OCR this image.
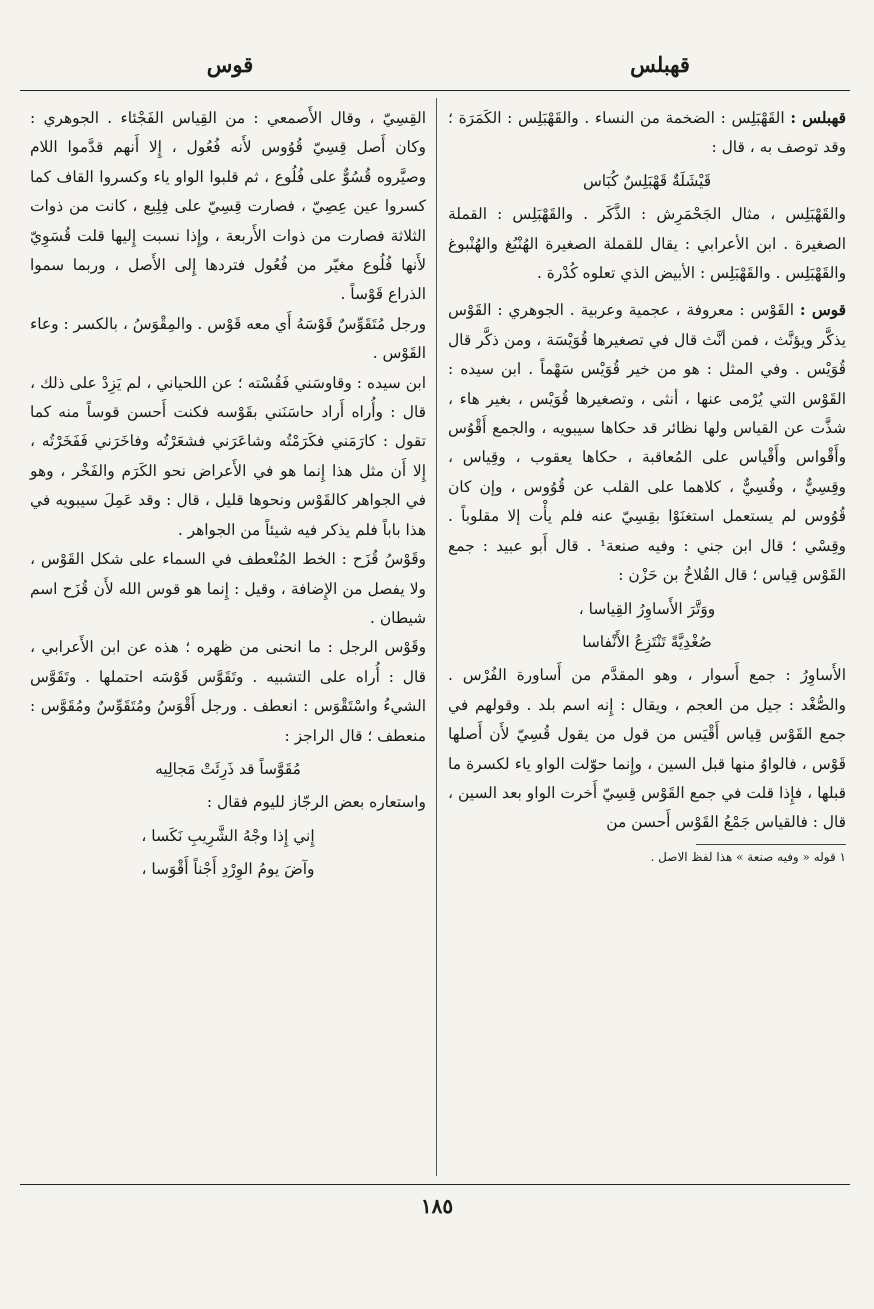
قوس	قهبلس

قهبلس : القَهْبَلِس : الضخمة من النساء . والقَهْبَلِس : الكَمَرَة ؛ وقد توصف به ، قال :

قَيْشَلَةٌ قَهْبَلِسٌ كُبَاس

والقَهْبَلِس ، مثال الجَحْمَرِش : الذَّكَر . والقَهْبَلِس : القملة الصغيرة . ابن الأعرابي : يقال للقملة الصغيرة الهُنْبُغ والهُنْبوغ والقَهْبَلِس . والقَهْبَلِس : الأبيض الذي تعلوه كُدْرة .

قوس : القَوْس : معروفة ، عجمية وعربية . الجوهري : القَوْس يذكَّر ويؤنَّث ، فمن أنَّث قال في تصغيرها قُوَيْسَة ، ومن ذكَّر قال قُوَيْس . وفي المثل : هو من خير قُوَيْس سَهْماً . ابن سيده : القَوْس التي يُرْمى عنها ، أنثى ، وتصغيرها قُوَيْس ، بغير هاء ، شذَّت عن القياس ولها نظائر قد حكاها سيبويه ، والجمع أَقْوُس وأَقْواس وأَقْياس على المُعاقبة ، حكاها يعقوب ، وقِياس ، وقِسِيٌّ ، وقُسِيٌّ ، كلاهما على القلب عن قُوُوس ، وإن كان قُوُوس لم يستعمل استغنَوْا بقِسِيّ عنه فلم يأْت إلا مقلوباً . وقِسْي ؛ قال ابن جني : وفيه صنعة¹ . قال أَبو عبيد : جمع القَوْس قِياس ؛ قال القُلاخُ بن حَزْن :

ووَتَّرَ الأَساوِرُ القِياسا ،

صُغْدِيَّةً تَنْتَزِعُ الأَنْفاسا

الأَساوِرُ : جمع أَسوار ، وهو المقدَّم من أَساورة الفُرْس . والصُّغْد : جيل من العجم ، ويقال : إِنه اسم بلد . وقولهم في جمع القَوْس قِياس أَقْيَس من قول من يقول قُسِيّ لأَن أَصلها قَوْس ، فالواوُ منها قبل السين ، وإِنما حوّلت الواو ياء لكسرة ما قبلها ، فإِذا قلت في جمع القَوْس قِسِيّ أَخرت الواو بعد السين ، قال : فالقياس جَمْعُ القَوْس أَحسن من

١ قوله « وفيه صنعة » هذا لفظ الاصل .

القِسِيّ ، وقال الأَصمعي : من القِياس الفَجْئاء . الجوهري : وكان أَصل قِسِيّ قُوُوس لأَنه فُعُول ، إِلا أَنهم قدَّموا اللام وصيَّروه قُسُوٌّ على فُلُوع ، ثم قلبوا الواو ياء وكسروا القاف كما كسروا عين عِصِيّ ، فصارت قِسِيّ على فِلِيع ، كانت من ذوات الثلاثة فصارت من ذوات الأَربعة ، وإِذا نسبت إِليها قلت قُسَوِيّ لأَنها فُلُوع مغيّر من فُعُول فتردها إِلى الأَصل ، وربما سموا الذراع قَوْساً .

ورجل مُتَقَوِّسٌ قَوْسَهُ أَي معه قَوْس . والمِقْوَسُ ، بالكسر : وعاء القَوْس .

ابن سيده : وقاوسَني فَقُسْته ؛ عن اللحياني ، لم يَزِدْ على ذلك ، قال : وأُراه أَراد حاسَنَني بقَوْسه فكنت أَحسن قوساً منه كما تقول : كارَمَني فكَرَمْتُه وشاعَرَني فشعَرْتُه وفاخَرَني فَفَخَرْتُه ، إِلا أَن مثل هذا إِنما هو في الأَعراض نحو الكَرَم والفَخْر ، وهو في الجواهر كالقَوْس ونحوها قليل ، قال : وقد عَمِلَ سيبويه في هذا باباً فلم يذكر فيه شيئاً من الجواهر .

وقَوْسُ قُزَح : الخط المُنْعطف في السماء على شكل القَوْس ، ولا يفصل من الإِضافة ، وقيل : إِنما هو قوس الله لأَن قُزَح اسم شيطان .

وقَوْس الرجل : ما انحنى من ظهره ؛ هذه عن ابن الأَعرابي ، قال : أُراه على التشبيه . وتَقَوَّس قَوْسَه احتملها . وتَقَوَّس الشيءُ واسْتَقْوَس : انعطف . ورجل أَقْوَسُ ومُتَقَوِّسٌ ومُقَوَّس : منعطف ؛ قال الراجز :

مُقَوَّساً قد ذَرِئَتْ مَجالِيه

واستعاره بعض الرجّاز لليوم فقال :

إِني إِذا وجْهُ الشَّرِيبِ نَكَسا ،

وآضَ يومُ الوِرْدِ أَجْناً أَقْوَسا ،

١٨٥
